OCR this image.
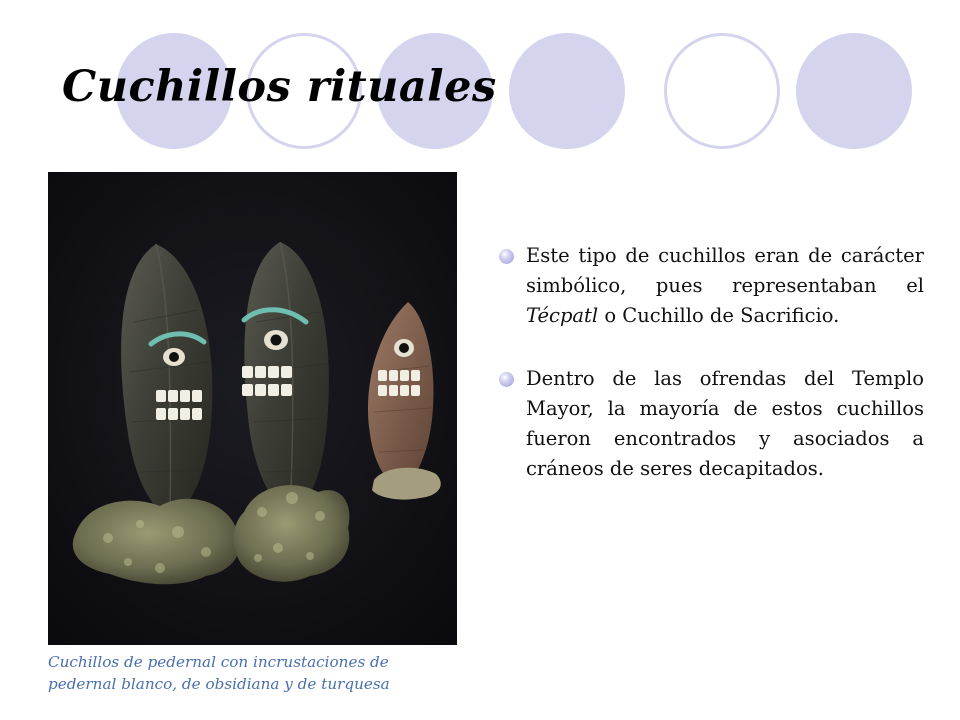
Cuchillos rituales

Cuchillos de pedernal con incrustaciones de
pedernal blanco, de obsidiana y de turquesa

Este tipo de cuchillos eran de carácter simbólico, pues representaban el Técpatl o Cuchillo de Sacrificio.
Dentro de las ofrendas del Templo Mayor, la mayoría de estos cuchillos fueron encontrados y asociados a cráneos de seres decapitados.
